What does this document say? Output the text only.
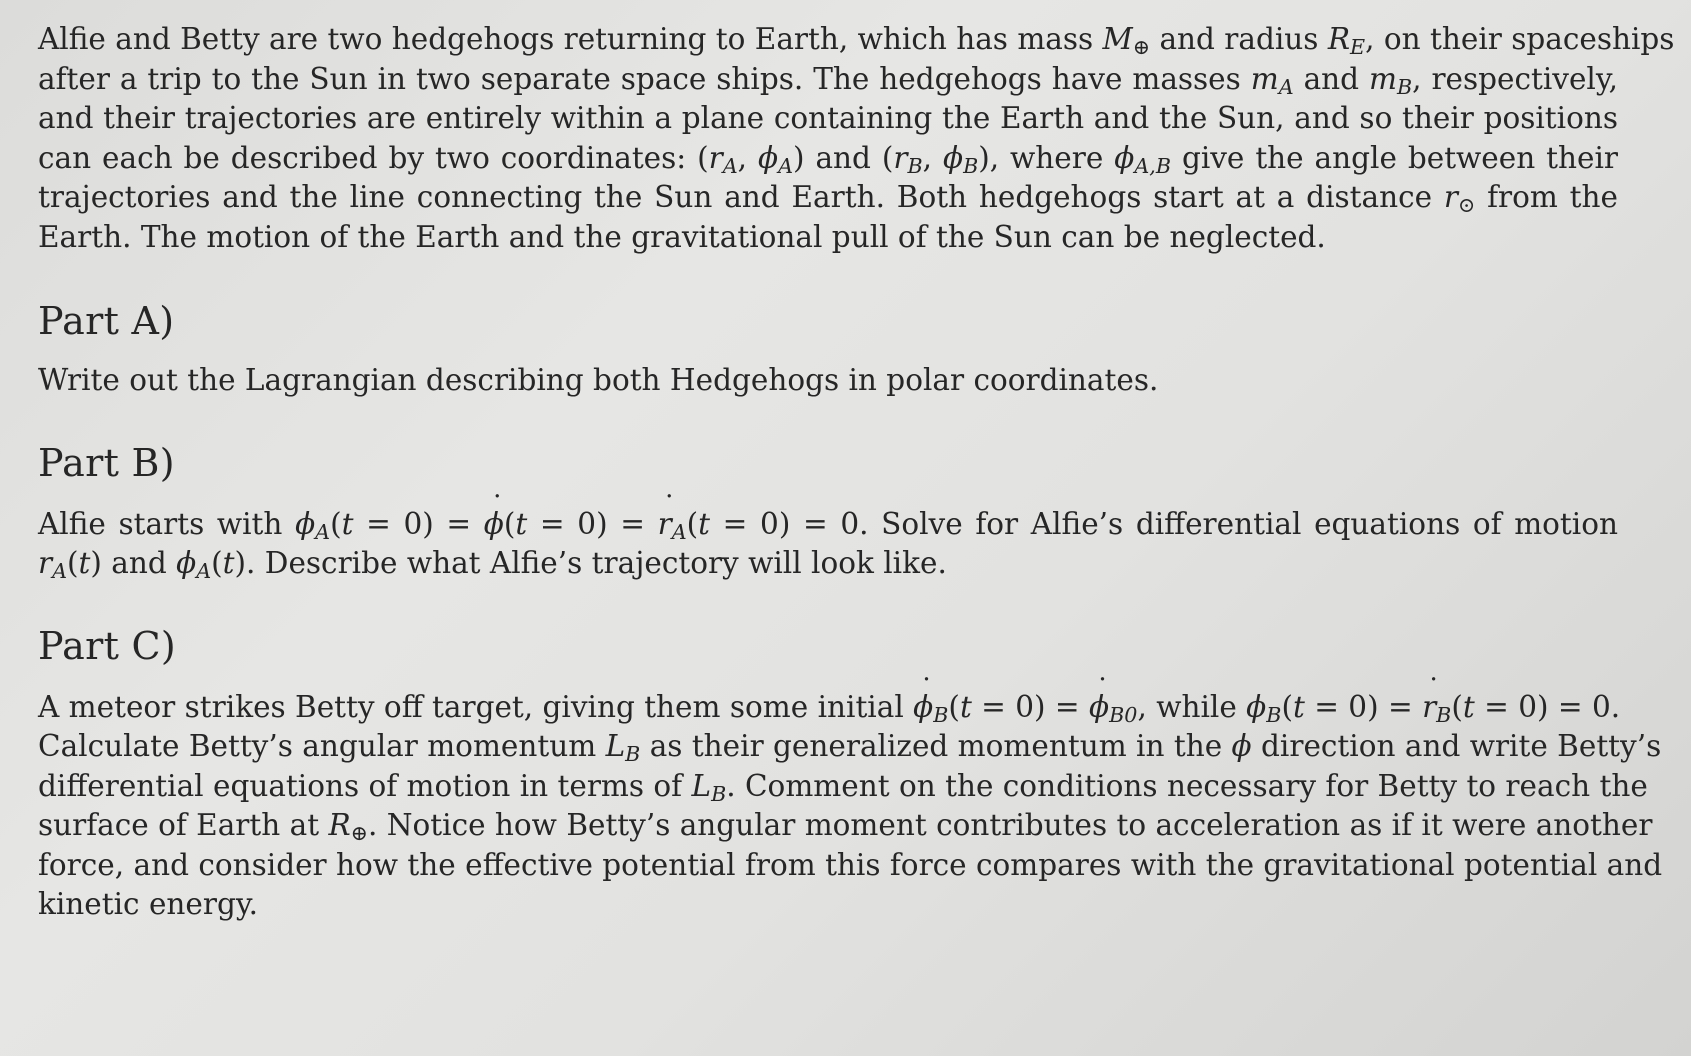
Alfie and Betty are two hedgehogs returning to Earth, which has mass $M_\oplus$ and radius $R_E$, on their spaceships
after a trip to the Sun in two separate space ships. The hedgehogs have masses $m_A$ and $m_B$, respectively,
and their trajectories are entirely within a plane containing the Earth and the Sun, and so their positions
can each be described by two coordinates: ($r_A$, $\phi_A$) and ($r_B$, $\phi_B$), where $\phi_{A,B}$ give the angle between their
trajectories and the line connecting the Sun and Earth. Both hedgehogs start at a distance $r_⊙$ from the
Earth. The motion of the Earth and the gravitational pull of the Sun can be neglected.

Part A)

Write out the Lagrangian describing both Hedgehogs in polar coordinates.

Part B)

Alfie starts with $\phi_A(t = 0) = \phi$ ˙(t = 0) = r $˙_A(t = 0) = 0$. Solve for Alfie’s differential equations of motion
$r_A(t)$ and $\phi_A(t)$. Describe what Alfie’s trajectory will look like.

Part C)

A meteor strikes Betty off target, giving them some initial ϕ $˙_B(t = 0) = \phi$ $˙_{B0}$, while $\phi_B(t = 0) = r$ $˙_B(t = 0) = 0$.
Calculate Betty’s angular momentum $L_B$ as their generalized momentum in the ϕ direction and write Betty’s
differential equations of motion in terms of $L_B$. Comment on the conditions necessary for Betty to reach the
surface of Earth at $R_\oplus$. Notice how Betty’s angular moment contributes to acceleration as if it were another
force, and consider how the effective potential from this force compares with the gravitational potential and
kinetic energy.
